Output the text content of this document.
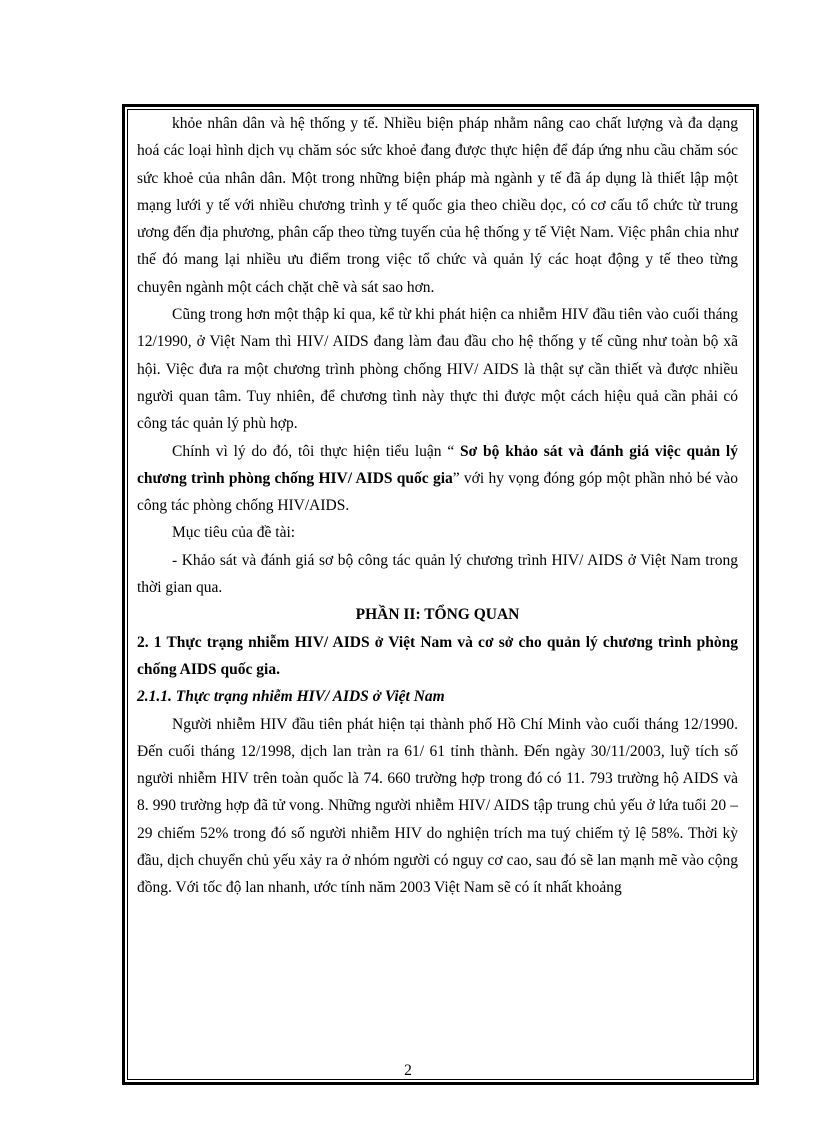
khỏe nhân dân và hệ thống y tế. Nhiều biện pháp nhằm nâng cao chất lượng và đa dạng hoá các loại hình dịch vụ chăm sóc sức khoẻ đang được thực hiện để đáp ứng nhu cầu chăm sóc sức khoẻ của nhân dân. Một trong những biện pháp mà ngành y tế đã áp dụng là thiết lập một mạng lưới y tế với nhiều chương trình y tế quốc gia theo chiều dọc, có cơ cấu tổ chức từ trung ương đến địa phương, phân cấp theo từng tuyến của hệ thống y tế Việt Nam. Việc phân chia như thế đó mang lại nhiều ưu điểm trong việc tổ chức và quản lý các hoạt động y tế theo từng chuyên ngành một cách chặt chẽ và sát sao hơn.

Cũng trong hơn một thập kỉ qua, kể từ khi phát hiện ca nhiễm HIV đầu tiên vào cuối tháng 12/1990, ở Việt Nam thì HIV/ AIDS đang làm đau đầu cho hệ thống y tế cũng như toàn bộ xã hội. Việc đưa ra một chương trình phòng chống HIV/ AIDS là thật sự cần thiết và được nhiều người quan tâm. Tuy nhiên, để chương tình này thực thi được một cách hiệu quả cần phải có công tác quản lý phù hợp.

Chính vì lý do đó, tôi thực hiện tiểu luận “ Sơ bộ khảo sát và đánh giá việc quản lý chương trình phòng chống HIV/ AIDS quốc gia” với hy vọng đóng góp một phần nhỏ bé vào công tác phòng chống HIV/AIDS.

Mục tiêu của đề tài:

- Khảo sát và đánh giá sơ bộ công tác quản lý chương trình HIV/ AIDS ở Việt Nam trong thời gian qua.

PHẦN II: TỔNG QUAN

2. 1 Thực trạng nhiễm HIV/ AIDS ở Việt Nam và cơ sở cho quản lý chương trình phòng chống AIDS quốc gia.

2.1.1. Thực trạng nhiễm HIV/ AIDS ở Việt Nam

Người nhiễm HIV đầu tiên phát hiện tại thành phố Hồ Chí Minh vào cuối tháng 12/1990. Đến cuối tháng 12/1998, dịch lan tràn ra 61/ 61 tỉnh thành. Đến ngày 30/11/2003, luỹ tích số người nhiễm HIV trên toàn quốc là 74. 660 trường hợp trong đó có 11. 793 trường hộ AIDS và 8. 990 trường hợp đã tử vong. Những người nhiễm HIV/ AIDS tập trung chủ yếu ở lứa tuổi 20 – 29 chiếm 52% trong đó số người nhiễm HIV do nghiện trích ma tuý chiếm tỷ lệ 58%. Thời kỳ đầu, dịch chuyển chủ yếu xảy ra ở nhóm người có nguy cơ cao, sau đó sẽ lan mạnh mẽ vào cộng đồng. Với tốc độ lan nhanh, ước tính năm 2003 Việt Nam sẽ có ít nhất khoảng

2
